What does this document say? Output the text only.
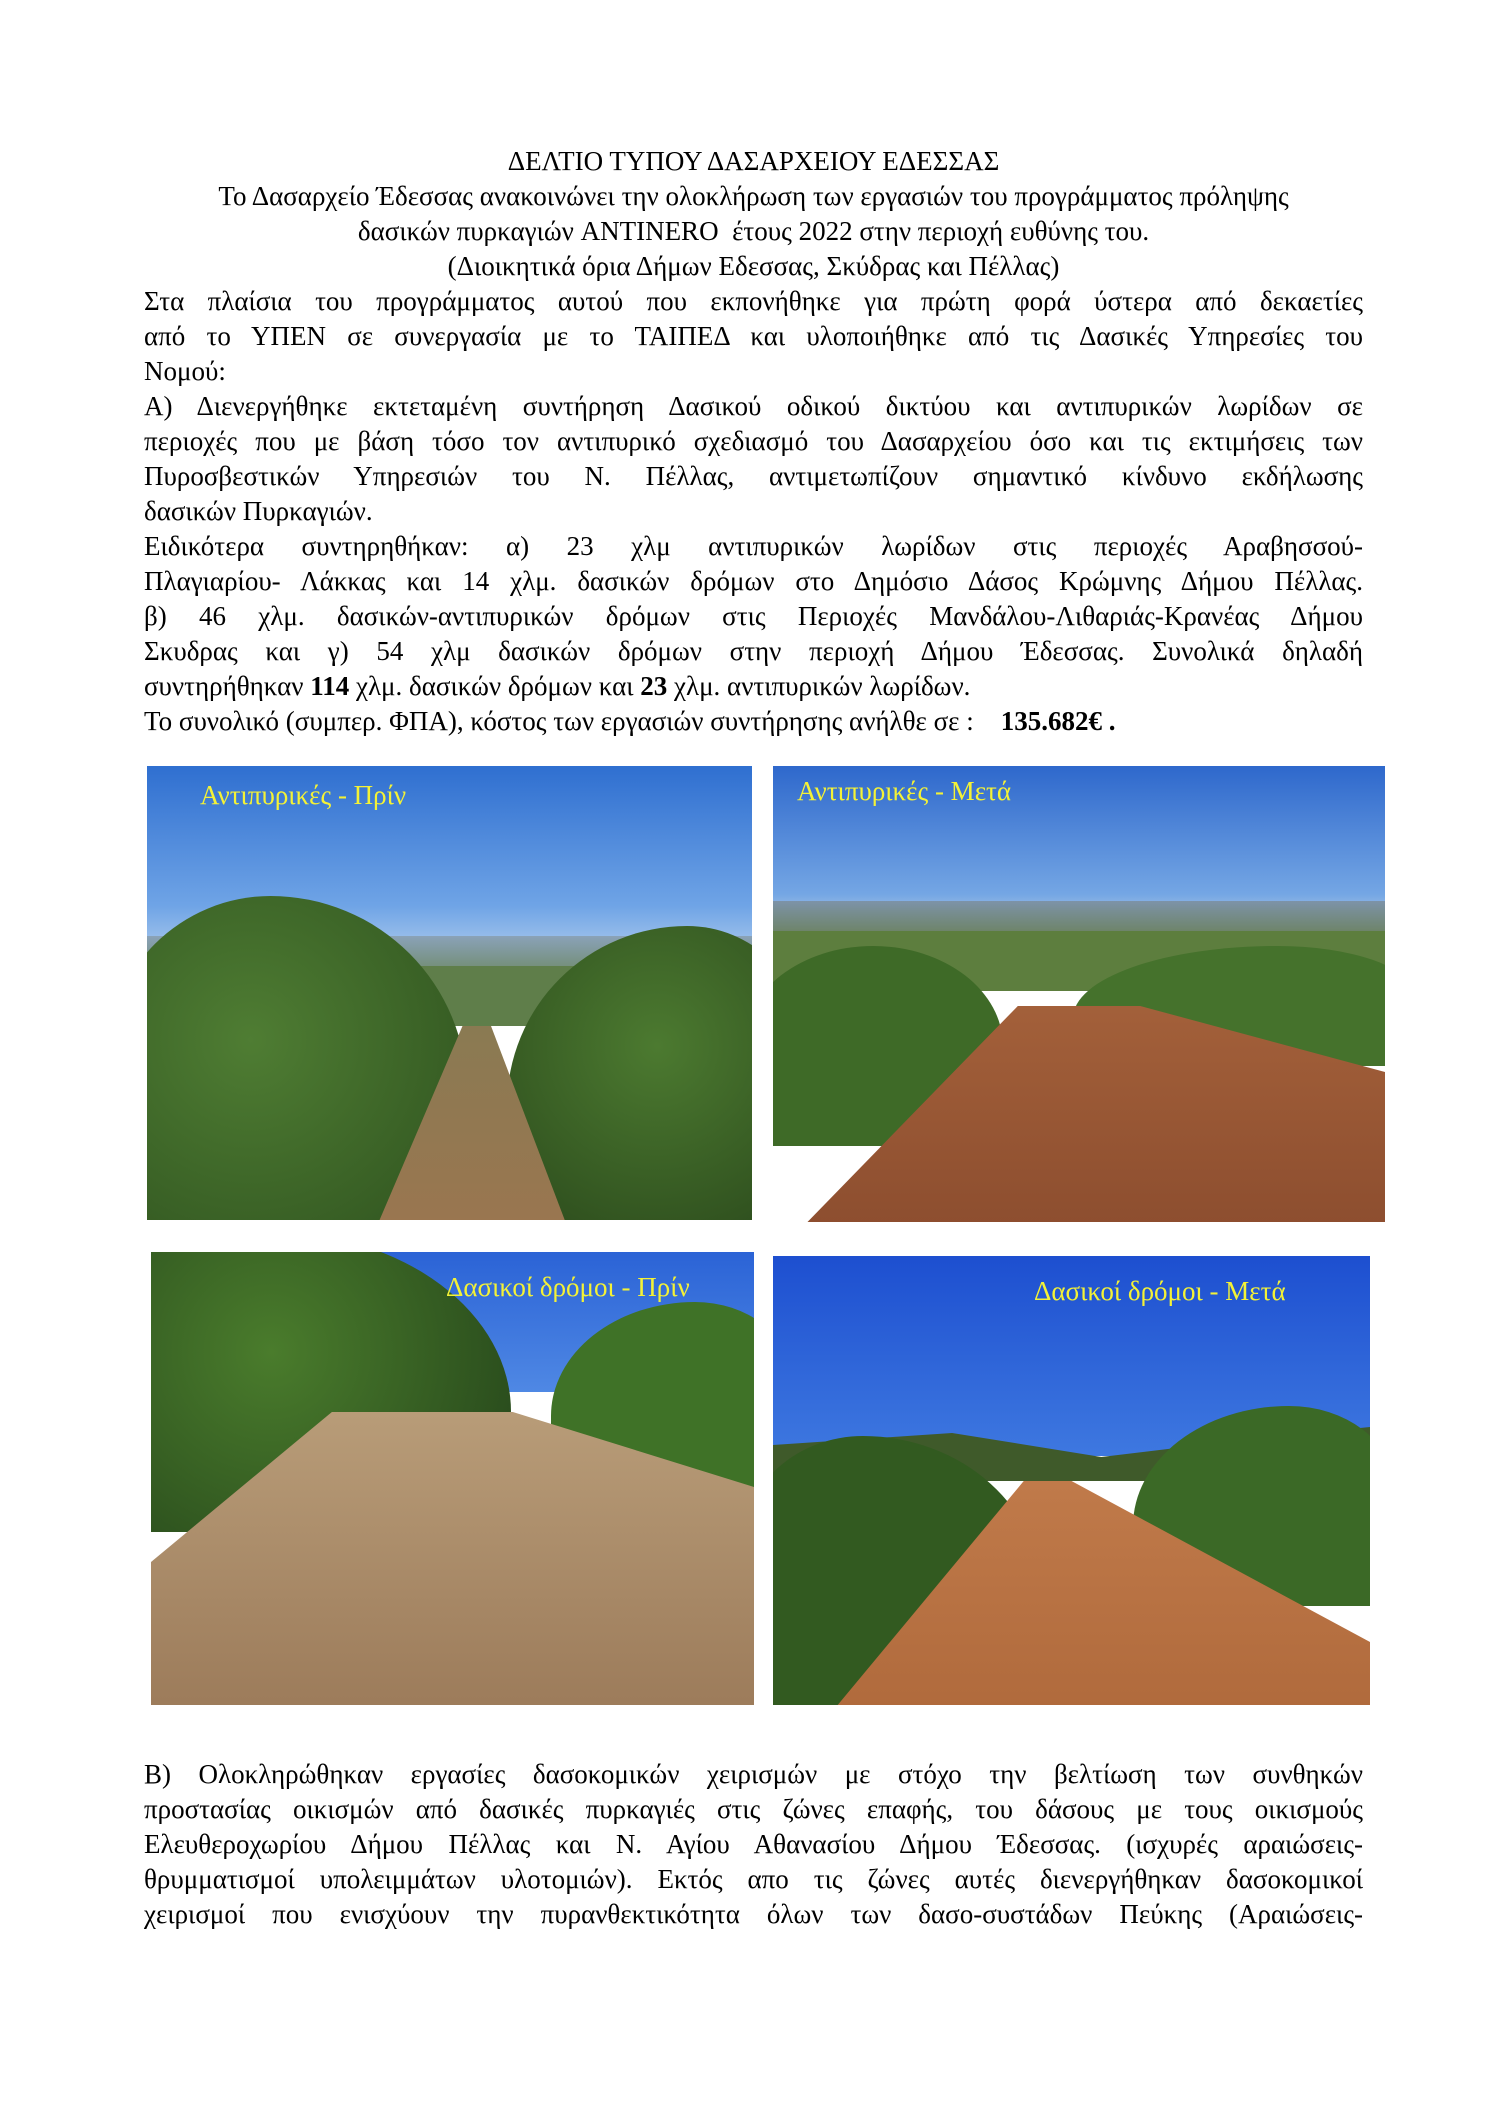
ΔΕΛΤΙΟ ΤΥΠΟΥ ΔΑΣΑΡΧΕΙΟΥ ΕΔΕΣΣΑΣ
Το Δασαρχείο Έδεσσας ανακοινώνει την ολοκλήρωση των εργασιών του προγράμματος πρόληψης
δασικών πυρκαγιών ANTINERO  έτους 2022 στην περιοχή ευθύνης του.
(Διοικητικά όρια Δήμων Εδεσσας, Σκύδρας και Πέλλας)
Στα πλαίσια του προγράμματος αυτού που εκπονήθηκε για πρώτη φορά ύστερα από δεκαετίες
από το ΥΠΕΝ σε συνεργασία με το ΤΑΙΠΕΔ και υλοποιήθηκε από τις Δασικές Υπηρεσίες του
Νομού:
Α) Διενεργήθηκε εκτεταμένη συντήρηση Δασικού οδικού δικτύου και αντιπυρικών λωρίδων σε
περιοχές που με βάση τόσο τον αντιπυρικό σχεδιασμό του Δασαρχείου όσο και τις εκτιμήσεις των
Πυροσβεστικών Υπηρεσιών του Ν. Πέλλας, αντιμετωπίζουν σημαντικό κίνδυνο εκδήλωσης
δασικών Πυρκαγιών.
Ειδικότερα συντηρηθήκαν: α) 23 χλμ αντιπυρικών λωρίδων στις περιοχές Αραβησσού-
Πλαγιαρίου- Λάκκας και 14 χλμ. δασικών δρόμων στο Δημόσιο Δάσος Κρώμνης Δήμου Πέλλας.
β) 46 χλμ. δασικών-αντιπυρικών δρόμων στις Περιοχές Μανδάλου-Λιθαριάς-Κρανέας Δήμου
Σκυδρας και γ) 54 χλμ δασικών δρόμων στην περιοχή Δήμου Έδεσσας. Συνολικά δηλαδή
συντηρήθηκαν 114 χλμ. δασικών δρόμων και 23 χλμ. αντιπυρικών λωρίδων.
Το συνολικό (συμπερ. ΦΠΑ), κόστος των εργασιών συντήρησης ανήλθε σε :    135.682€ .
Αντιπυρικές - Πρίν	Αντιπυρικές - Μετά
Δασικοί δρόμοι - Πρίν	Δασικοί δρόμοι - Μετά
Β) Ολοκληρώθηκαν εργασίες δασοκομικών χειρισμών με στόχο την βελτίωση των συνθηκών
προστασίας οικισμών από δασικές πυρκαγιές στις ζώνες επαφής, του δάσους με τους οικισμούς
Ελευθεροχωρίου Δήμου Πέλλας και Ν. Αγίου Αθανασίου Δήμου Έδεσσας. (ισχυρές αραιώσεις-
θρυμματισμοί υπολειμμάτων υλοτομιών). Εκτός απο τις ζώνες αυτές διενεργήθηκαν δασοκομικοί
χειρισμοί που ενισχύουν την πυρανθεκτικότητα όλων των δασο-συστάδων Πεύκης (Αραιώσεις-
